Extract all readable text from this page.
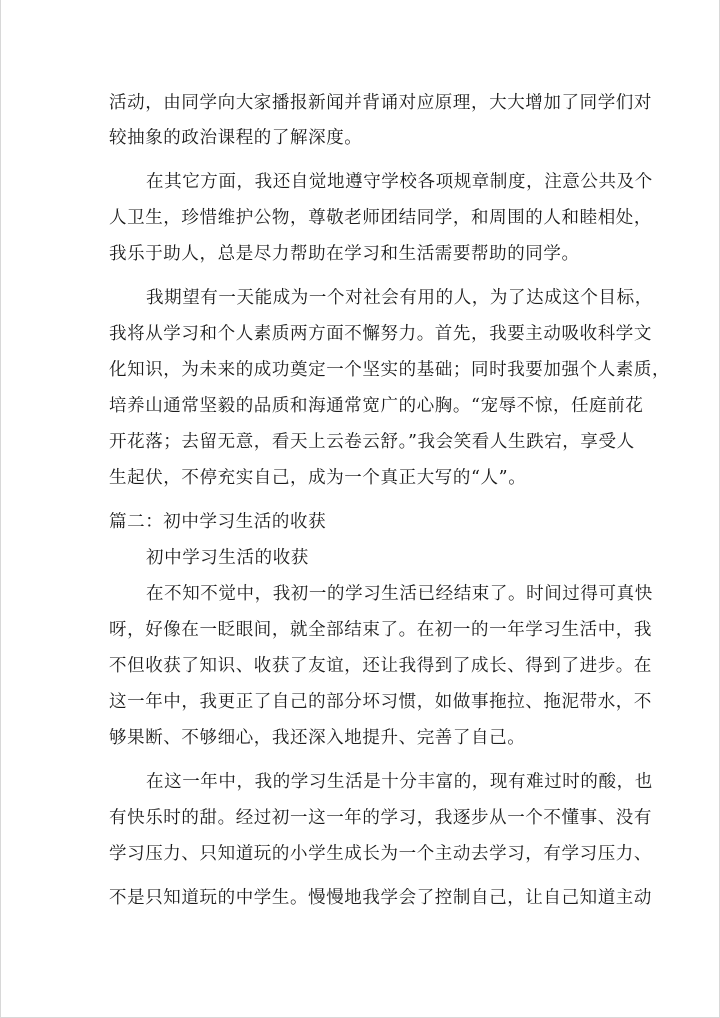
活动，由同学向大家播报新闻并背诵对应原理，大大增加了同学们对
较抽象的政治课程的了解深度。
在其它方面，我还自觉地遵守学校各项规章制度，注意公共及个
人卫生，珍惜维护公物，尊敬老师团结同学，和周围的人和睦相处，
我乐于助人，总是尽力帮助在学习和生活需要帮助的同学。
我期望有一天能成为一个对社会有用的人，为了达成这个目标，
我将从学习和个人素质两方面不懈努力。首先，我要主动吸收科学文
化知识，为未来的成功奠定一个坚实的基础；同时我要加强个人素质，
培养山通常坚毅的品质和海通常宽广的心胸。“宠辱不惊，任庭前花
开花落；去留无意，看天上云卷云舒。”我会笑看人生跌宕，享受人
生起伏，不停充实自己，成为一个真正大写的“人”。
篇二：初中学习生活的收获
初中学习生活的收获
在不知不觉中，我初一的学习生活已经结束了。时间过得可真快
呀，好像在一眨眼间，就全部结束了。在初一的一年学习生活中，我
不但收获了知识、收获了友谊，还让我得到了成长、得到了进步。在
这一年中，我更正了自己的部分坏习惯，如做事拖拉、拖泥带水，不
够果断、不够细心，我还深入地提升、完善了自己。
在这一年中，我的学习生活是十分丰富的，现有难过时的酸，也
有快乐时的甜。经过初一这一年的学习，我逐步从一个不懂事、没有
学习压力、只知道玩的小学生成长为一个主动去学习，有学习压力、
不是只知道玩的中学生。慢慢地我学会了控制自己，让自己知道主动
